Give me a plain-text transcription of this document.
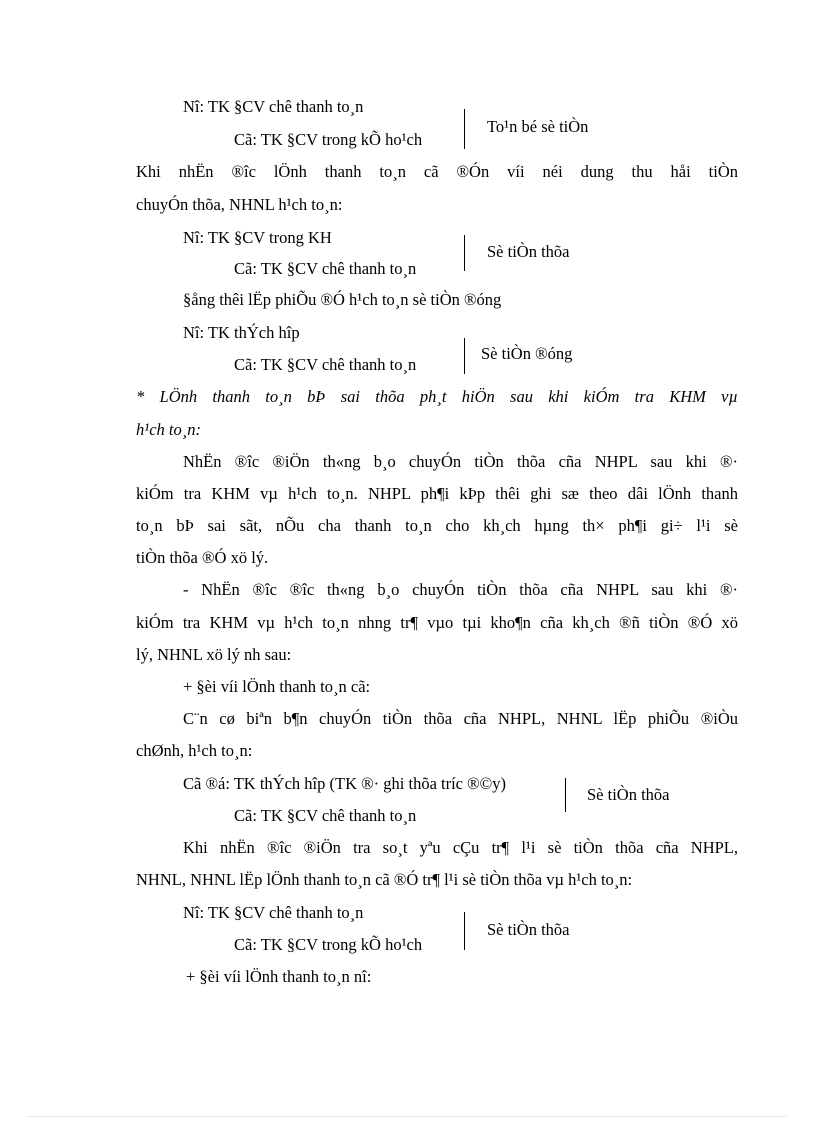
Nî: TK §CV chê thanh to¸n
Cã: TK §CV trong kÕ ho¹ch
To¹n bé sè tiÒn
Khi nhËn ®îc lÖnh thanh to¸n cã ®Ón víi néi dung thu håi tiÒn
chuyÓn thõa, NHNL h¹ch to¸n:
Nî: TK §CV trong KH
Cã: TK §CV chê thanh to¸n
Sè tiÒn thõa
§ång thêi lËp phiÕu ®Ó h¹ch to¸n sè tiÒn ®óng
Nî: TK thÝch hîp
Cã: TK §CV chê thanh to¸n
Sè tiÒn ®óng
* LÖnh thanh to¸n bÞ sai thõa ph¸t hiÖn sau khi kiÓm tra KHM vµ
h¹ch to¸n:
NhËn ®îc ®iÖn th«ng b¸o chuyÓn tiÒn thõa cña NHPL sau khi ®·
kiÓm tra KHM vµ h¹ch to¸n. NHPL ph¶i kÞp thêi ghi sæ theo dâi lÖnh thanh
to¸n bÞ sai sãt, nÕu cha thanh to¸n cho kh¸ch hµng th× ph¶i gi÷ l¹i sè
tiÒn thõa ®Ó xö lý.
- NhËn ®îc ®îc th«ng b¸o chuyÓn tiÒn thõa cña NHPL sau khi ®·
kiÓm tra KHM vµ h¹ch to¸n nhng tr¶ vµo tµi kho¶n cña kh¸ch ®ñ tiÒn ®Ó xö
lý, NHNL xö lý nh sau:
+ §èi víi lÖnh thanh to¸n cã:
C¨n cø biªn b¶n chuyÓn tiÒn thõa cña NHPL, NHNL lËp phiÕu ®iÒu
chØnh, h¹ch to¸n:
Cã ®á: TK thÝch hîp (TK ®· ghi thõa tríc ®©y)
Cã: TK §CV chê thanh to¸n
Sè tiÒn thõa
Khi nhËn ®îc ®iÖn tra so¸t yªu cÇu tr¶ l¹i sè tiÒn thõa cña NHPL,
NHNL, NHNL lËp lÖnh thanh to¸n cã ®Ó tr¶ l¹i sè tiÒn thõa vµ h¹ch to¸n:
Nî: TK §CV chê thanh to¸n
Cã: TK §CV trong kÕ ho¹ch
Sè tiÒn thõa
+ §èi víi lÖnh thanh to¸n nî:
